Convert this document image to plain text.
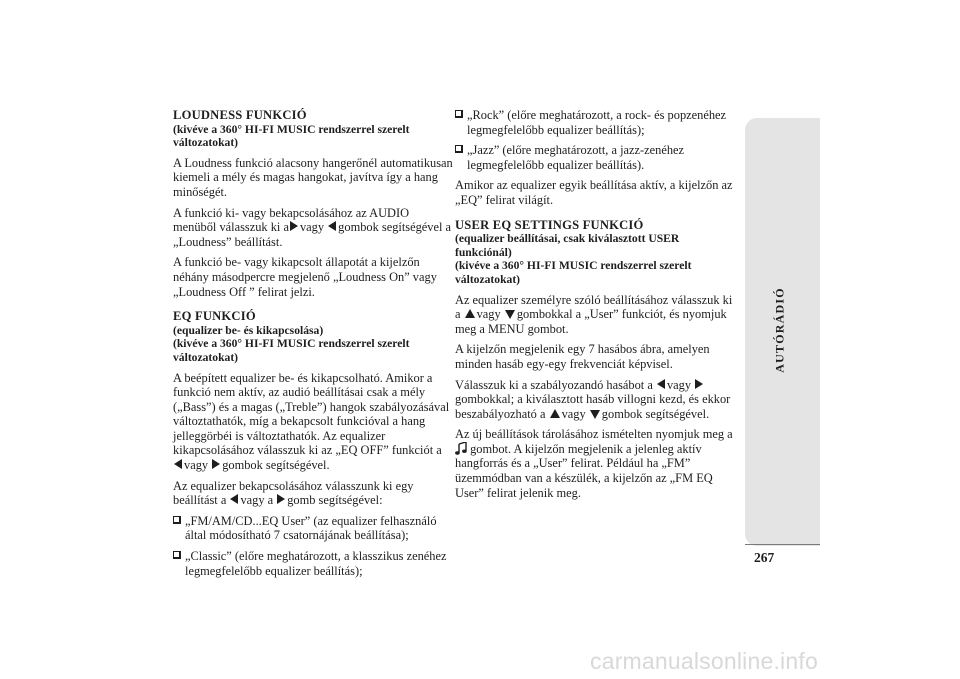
LOUDNESS FUNKCIÓ
(kivéve a 360° HI-FI MUSIC rendszerrel szerelt
változatokat)

A Loudness funkció alacsony hangerőnél automatikusan kiemeli a mély és magas hangokat, javítva így a hang minőségét.

A funkció ki- vagy bekapcsolásához az AUDIO menüből válasszuk ki a vagy gombok segítségével a „Loudness” beállítást.

A funkció be- vagy kikapcsolt állapotát a kijelzőn néhány másodpercre megjelenő „Loudness On” vagy „Loudness Off ” felirat jelzi.

EQ FUNKCIÓ
(equalizer be- és kikapcsolása)
(kivéve a 360° HI-FI MUSIC rendszerrel szerelt
változatokat)

A beépített equalizer be- és kikapcsolható. Amikor a funkció nem aktív, az audió beállításai csak a mély („Bass”) és a magas („Treble”) hangok szabályozásával változtathatók, míg a bekapcsolt funkcióval a hang jelleggörbéi is változtathatók. Az equalizer kikapcsolásához válasszuk ki az „EQ OFF” funkciót a vagy gombok segítségével.

Az equalizer bekapcsolásához válasszunk ki egy beállítást a vagy a gomb segítségével:

„FM/AM/CD...EQ User” (az equalizer felhasználó által módosítható 7 csatornájának beállítása);
„Classic” (előre meghatározott, a klasszikus zenéhez legmegfelelőbb equalizer beállítás);
„Rock” (előre meghatározott, a rock- és popzenéhez legmegfelelőbb equalizer beállítás);
„Jazz” (előre meghatározott, a jazz-zenéhez legmegfelelőbb equalizer beállítás).

Amikor az equalizer egyik beállítása aktív, a kijelzőn az „EQ” felirat világít.

USER EQ SETTINGS FUNKCIÓ
(equalizer beállításai, csak kiválasztott USER
funkciónál)
(kivéve a 360° HI-FI MUSIC rendszerrel szerelt
változatokat)

Az equalizer személyre szóló beállításához válasszuk ki a vagy gombokkal a „User” funkciót, és nyomjuk meg a MENU gombot.

A kijelzőn megjelenik egy 7 hasábos ábra, amelyen minden hasáb egy-egy frekvenciát képvisel.

Válasszuk ki a szabályozandó hasábot a vagy gombokkal; a kiválasztott hasáb villogni kezd, és ekkor beszabályozható a vagy gombok segítségével.

Az új beállítások tárolásához ismételten nyomjuk meg a  gombot. A kijelzőn megjelenik a jelenleg aktív hangforrás és a „User” felirat. Például ha „FM” üzemmódban van a készülék, a kijelzőn az „FM EQ User” felirat jelenik meg.

AUTÓRÁDIÓ
267
carmanualsonline.info
